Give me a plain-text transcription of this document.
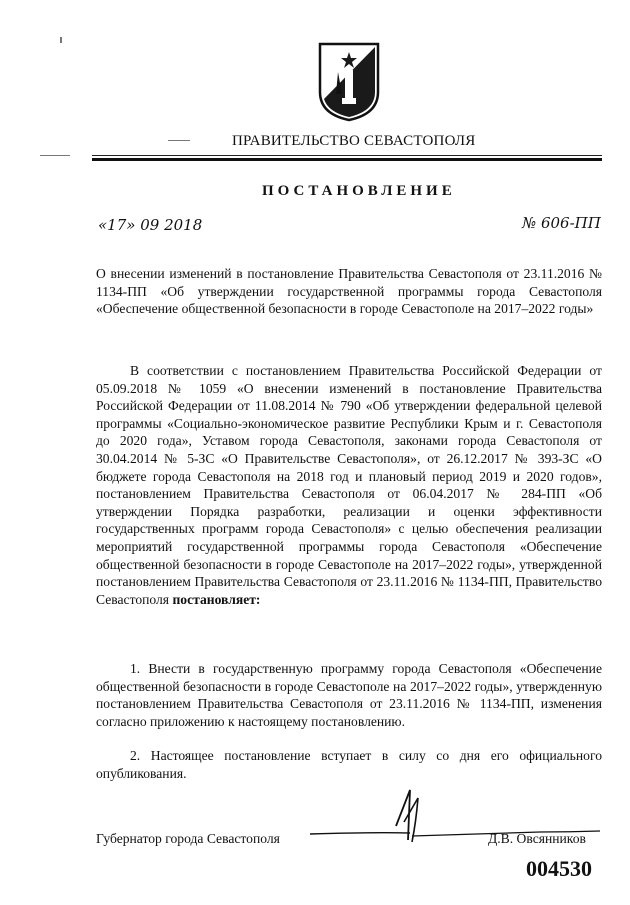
ПРАВИТЕЛЬСТВО СЕВАСТОПОЛЯ
ПОСТАНОВЛЕНИЕ
«17» 09 2018	№ 606-ПП

О внесении изменений в постановление Правительства Севастополя от 23.11.2016 № 1134-ПП «Об утверждении государственной программы города Севастополя «Обеспечение общественной безопасности в городе Севастополе на 2017–2022 годы»

В соответствии с постановлением Правительства Российской Федерации от 05.09.2018 № 1059 «О внесении изменений в постановление Правительства Российской Федерации от 11.08.2014 № 790 «Об утверждении федеральной целевой программы «Социально-экономическое развитие Республики Крым и г. Севастополя до 2020 года», Уставом города Севастополя, законами города Севастополя от 30.04.2014 № 5-ЗС «О Правительстве Севастополя», от 26.12.2017 № 393-ЗС «О бюджете города Севастополя на 2018 год и плановый период 2019 и 2020 годов», постановлением Правительства Севастополя от 06.04.2017 № 284-ПП «Об утверждении Порядка разработки, реализации и оценки эффективности государственных программ города Севастополя» с целью обеспечения реализации мероприятий государственной программы города Севастополя «Обеспечение общественной безопасности в городе Севастополе на 2017–2022 годы», утвержденной постановлением Правительства Севастополя от 23.11.2016 № 1134-ПП, Правительство Севастополя постановляет:

1. Внести в государственную программу города Севастополя «Обеспечение общественной безопасности в городе Севастополе на 2017–2022 годы», утвержденную постановлением Правительства Севастополя от 23.11.2016 № 1134-ПП, изменения согласно приложению к настоящему постановлению.

2. Настоящее постановление вступает в силу со дня его официального опубликования.

Губернатор города Севастополя	Д.В. Овсянников
004530
